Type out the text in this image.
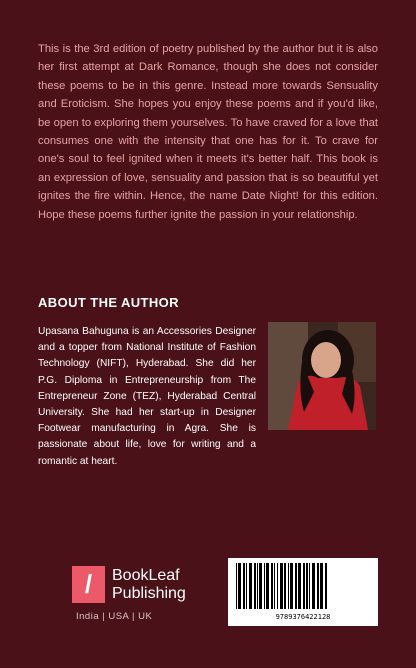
This is the 3rd edition of poetry published by the author but it is also her first attempt at Dark Romance, though she does not consider these poems to be in this genre. Instead more towards Sensuality and Eroticism. She hopes you enjoy these poems and if you'd like, be open to exploring them yourselves. To have craved for a love that consumes one with the intensity that one has for it. To crave for one's soul to feel ignited when it meets it's better half. This book is an expression of love, sensuality and passion that is so beautiful yet ignites the fire within. Hence, the name Date Night! for this edition. Hope these poems further ignite the passion in your relationship.
ABOUT THE AUTHOR
Upasana Bahuguna is an Accessories Designer and a topper from National Institute of Fashion Technology (NIFT), Hyderabad. She did her P.G. Diploma in Entrepreneurship from The Entrepreneur Zone (TEZ), Hyderabad Central University. She had her start-up in Designer Footwear manufacturing in Agra. She is passionate about life, love for writing and a romantic at heart.
/	BookLeaf
Publishing
India | USA | UK	9789376422128
